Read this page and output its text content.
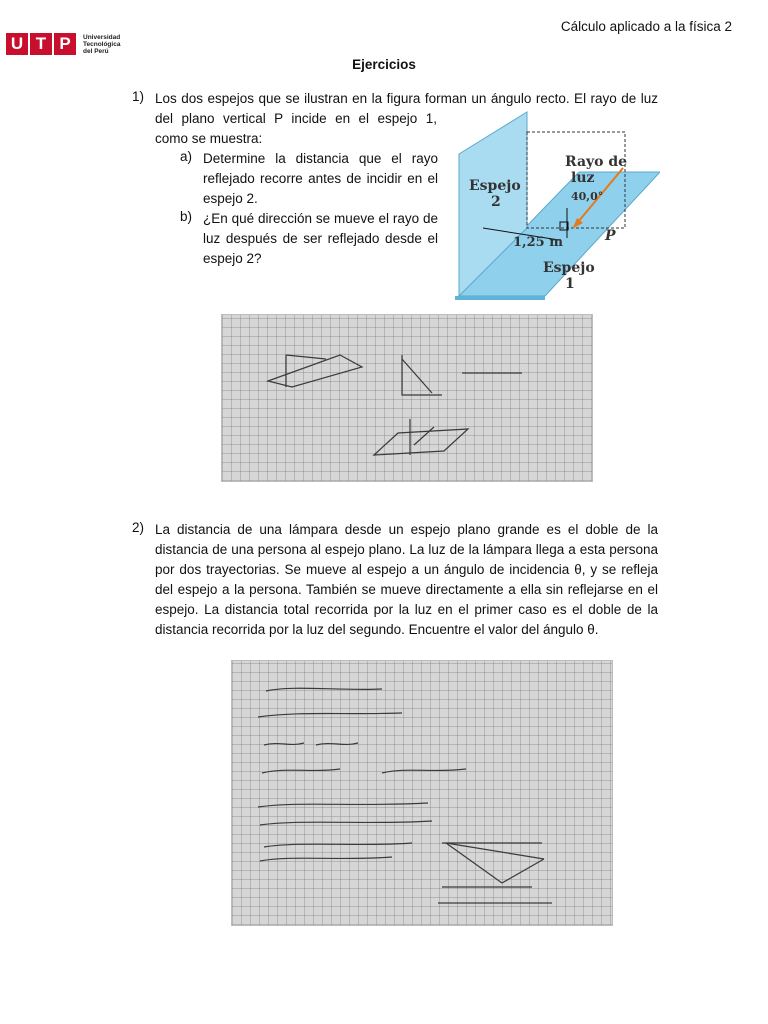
Cálculo aplicado a la física 2
U T P	Universidad
Tecnológica
del Perú
Ejercicios
1) Los dos espejos que se ilustran en la figura forman un ángulo recto. El rayo de luz
del plano vertical P incide en el espejo 1,
como se muestra:
a) Determine la distancia que el rayo reflejado recorre antes de incidir en el espejo 2.
b) ¿En qué dirección se mueve el rayo de luz después de ser reflejado desde el espejo 2?
Espejo
2
Rayo de
luz
40,0°
1,25 m	P
Espejo
1
2) La distancia de una lámpara desde un espejo plano grande es el doble de la distancia de una persona al espejo plano. La luz de la lámpara llega a esta persona por dos trayectorias. Se mueve al espejo a un ángulo de incidencia θ, y se refleja del espejo a la persona. También se mueve directamente a ella sin reflejarse en el espejo. La distancia total recorrida por la luz en el primer caso es el doble de la distancia recorrida por la luz del segundo. Encuentre el valor del ángulo θ.
